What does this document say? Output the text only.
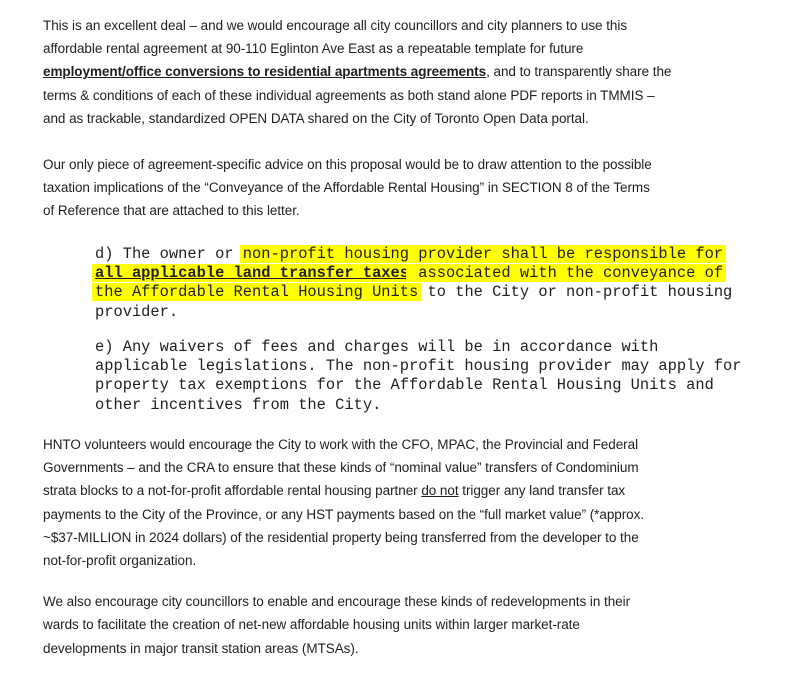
This is an excellent deal – and we would encourage all city councillors and city planners to use this
affordable rental agreement at 90-110 Eglinton Ave East as a repeatable template for future
employment/office conversions to residential apartments agreements, and to transparently share the
terms & conditions of each of these individual agreements as both stand alone PDF reports in TMMIS –
and as trackable, standardized OPEN DATA shared on the City of Toronto Open Data portal.

Our only piece of agreement-specific advice on this proposal would be to draw attention to the possible
taxation implications of the “Conveyance of the Affordable Rental Housing” in SECTION 8 of the Terms
of Reference that are attached to this letter.

d) The owner or non-profit housing provider shall be responsible for
all applicable land transfer taxes associated with the conveyance of
the Affordable Rental Housing Units to the City or non-profit housing
provider.

e) Any waivers of fees and charges will be in accordance with
applicable legislations. The non-profit housing provider may apply for
property tax exemptions for the Affordable Rental Housing Units and
other incentives from the City.

HNTO volunteers would encourage the City to work with the CFO, MPAC, the Provincial and Federal
Governments – and the CRA to ensure that these kinds of “nominal value” transfers of Condominium
strata blocks to a not-for-profit affordable rental housing partner do not trigger any land transfer tax
payments to the City of the Province, or any HST payments based on the “full market value” (*approx.
~$37-MILLION in 2024 dollars) of the residential property being transferred from the developer to the
not-for-profit organization.

We also encourage city councillors to enable and encourage these kinds of redevelopments in their
wards to facilitate the creation of net-new affordable housing units within larger market-rate
developments in major transit station areas (MTSAs).
